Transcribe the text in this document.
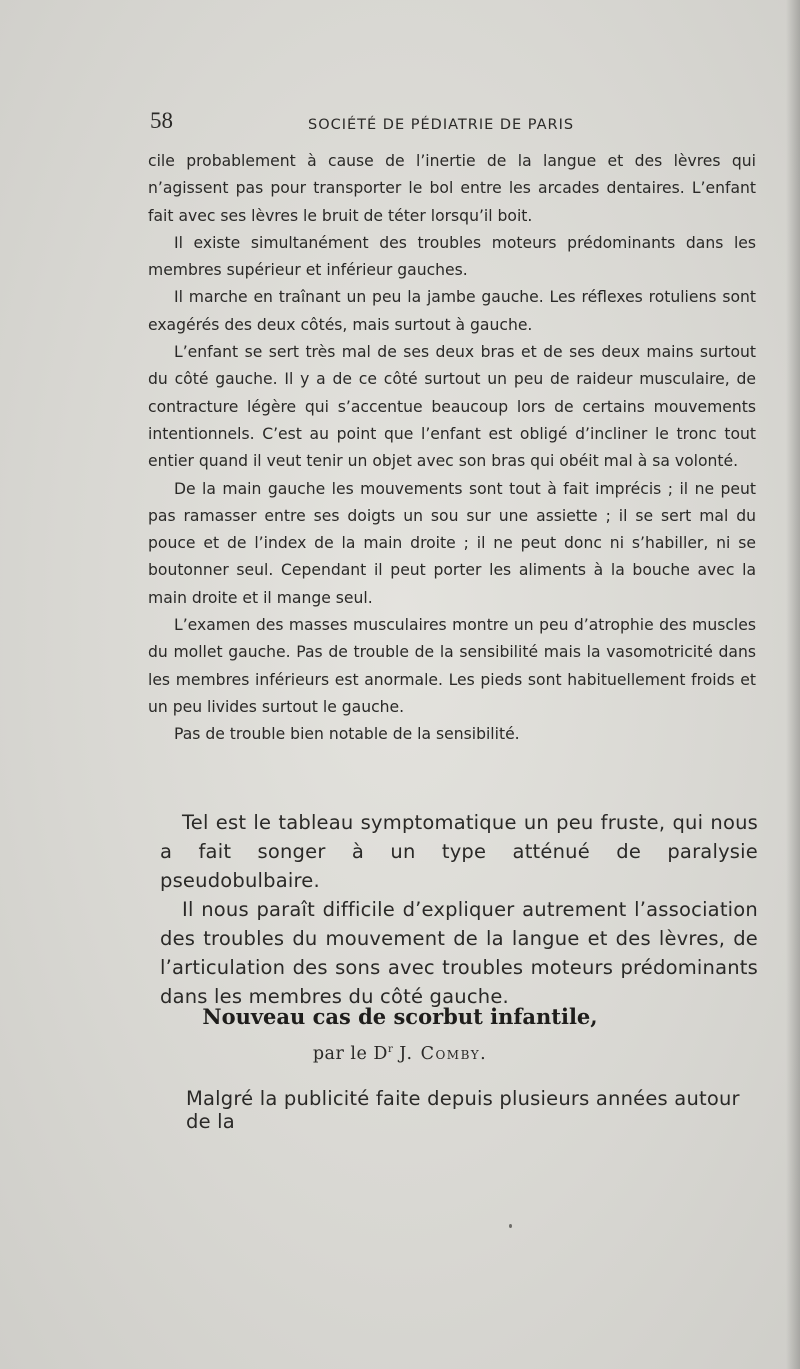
58	SOCIÉTÉ DE PÉDIATRIE DE PARIS

cile probablement à cause de l’inertie de la langue et des lèvres qui n’agissent pas pour transporter le bol entre les arcades dentaires. L’enfant fait avec ses lèvres le bruit de téter lorsqu’il boit.

Il existe simultanément des troubles moteurs prédominants dans les membres supérieur et inférieur gauches.

Il marche en traînant un peu la jambe gauche. Les réflexes rotuliens sont exagérés des deux côtés, mais surtout à gauche.

L’enfant se sert très mal de ses deux bras et de ses deux mains surtout du côté gauche. Il y a de ce côté surtout un peu de raideur musculaire, de contracture légère qui s’accentue beaucoup lors de certains mouvements intentionnels. C’est au point que l’enfant est obligé d’incliner le tronc tout entier quand il veut tenir un objet avec son bras qui obéit mal à sa volonté.

De la main gauche les mouvements sont tout à fait imprécis ; il ne peut pas ramasser entre ses doigts un sou sur une assiette ; il se sert mal du pouce et de l’index de la main droite ; il ne peut donc ni s’habiller, ni se boutonner seul. Cependant il peut porter les aliments à la bouche avec la main droite et il mange seul.

L’examen des masses musculaires montre un peu d’atrophie des muscles du mollet gauche. Pas de trouble de la sensibilité mais la vasomotricité dans les membres inférieurs est anormale. Les pieds sont habituellement froids et un peu livides surtout le gauche.

Pas de trouble bien notable de la sensibilité.

Tel est le tableau symptomatique un peu fruste, qui nous a fait songer à un type atténué de paralysie pseudobulbaire.

Il nous paraît difficile d’expliquer autrement l’association des troubles du mouvement de la langue et des lèvres, de l’articulation des sons avec troubles moteurs prédominants dans les membres du côté gauche.

Nouveau cas de scorbut infantile,
par le $D^r$ J. Comby.
Malgré la publicité faite depuis plusieurs années autour de la
